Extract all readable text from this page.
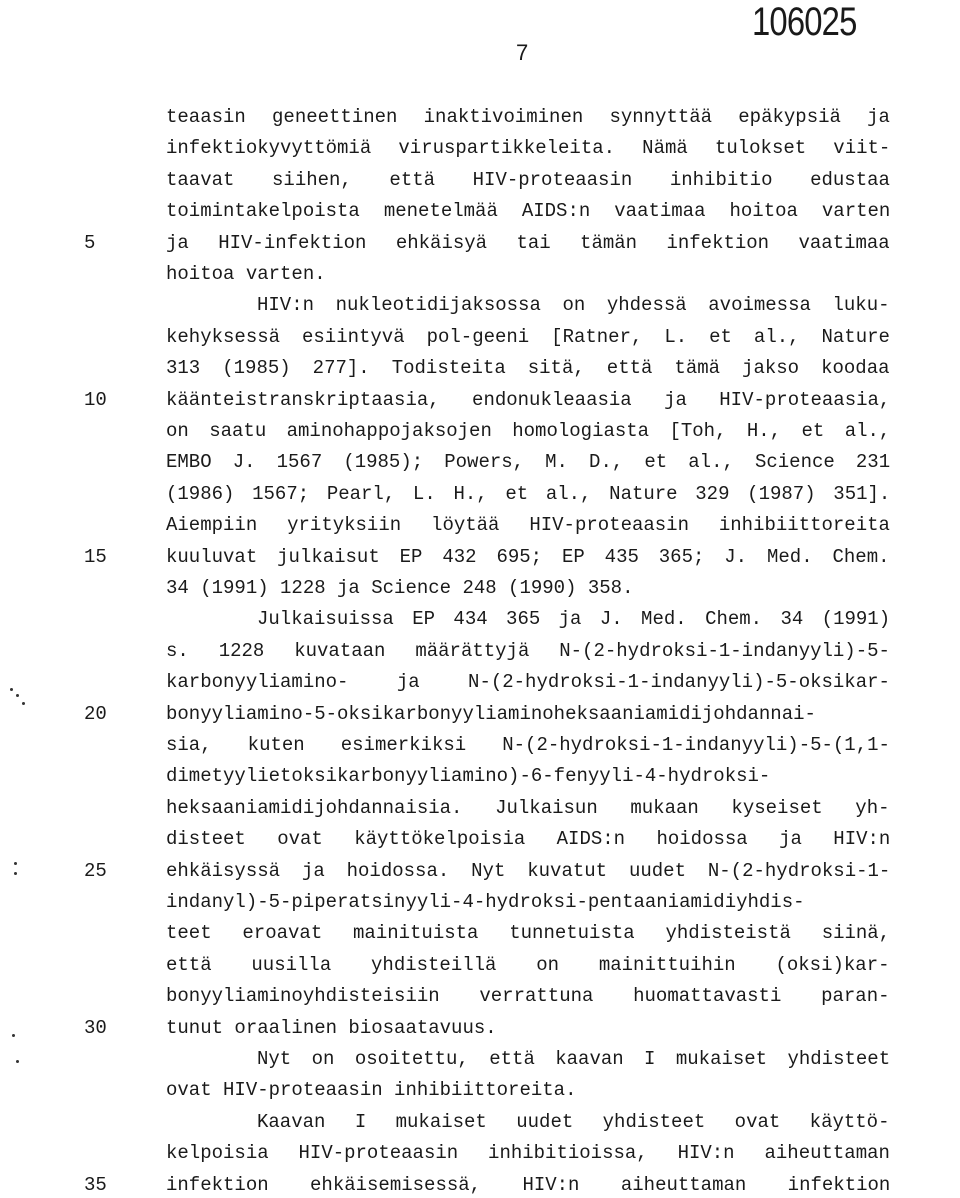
106025
7
teaasin geneettinen inaktivoiminen synnyttää epäkypsiä ja
infektiokyvyttömiä viruspartikkeleita. Nämä tulokset viit-
taavat siihen, että HIV-proteaasin inhibitio edustaa
toimintakelpoista menetelmää AIDS:n vaatimaa hoitoa varten
ja HIV-infektion ehkäisyä tai tämän infektion vaatimaa
hoitoa varten.
HIV:n nukleotidijaksossa on yhdessä avoimessa luku-
kehyksessä esiintyvä pol-geeni [Ratner, L. et al., Nature
313 (1985) 277]. Todisteita sitä, että tämä jakso koodaa
käänteistranskriptaasia, endonukleaasia ja HIV-proteaasia,
on saatu aminohappojaksojen homologiasta [Toh, H., et al.,
EMBO J. 1567 (1985); Powers, M. D., et al., Science 231
(1986) 1567; Pearl, L. H., et al., Nature 329 (1987) 351].
Aiempiin yrityksiin löytää HIV-proteaasin inhibiittoreita
kuuluvat julkaisut EP 432 695; EP 435 365; J. Med. Chem.
34 (1991) 1228 ja Science 248 (1990) 358.
Julkaisuissa EP 434 365 ja J. Med. Chem. 34 (1991)
s. 1228 kuvataan määrättyjä N-(2-hydroksi-1-indanyyli)-5-
karbonyyliamino- ja N-(2-hydroksi-1-indanyyli)-5-oksikar-
bonyyliamino-5-oksikarbonyyliaminoheksaaniamidijohdannai-
sia, kuten esimerkiksi N-(2-hydroksi-1-indanyyli)-5-(1,1-
dimetyylietoksikarbonyyliamino)-6-fenyyli-4-hydroksi-
heksaaniamidijohdannaisia. Julkaisun mukaan kyseiset yh-
disteet ovat käyttökelpoisia AIDS:n hoidossa ja HIV:n
ehkäisyssä ja hoidossa. Nyt kuvatut uudet N-(2-hydroksi-1-
indanyl)-5-piperatsinyyli-4-hydroksi-pentaaniamidiyhdis-
teet eroavat mainituista tunnetuista yhdisteistä siinä,
että uusilla yhdisteillä on mainittuihin (oksi)kar-
bonyyliaminoyhdisteisiin verrattuna huomattavasti paran-
tunut oraalinen biosaatavuus.
Nyt on osoitettu, että kaavan I mukaiset yhdisteet
ovat HIV-proteaasin inhibiittoreita.
Kaavan I mukaiset uudet yhdisteet ovat käyttö-
kelpoisia HIV-proteaasin inhibitioissa, HIV:n aiheuttaman
infektion ehkäisemisessä, HIV:n aiheuttaman infektion
5
10
15
20
25
30
35
